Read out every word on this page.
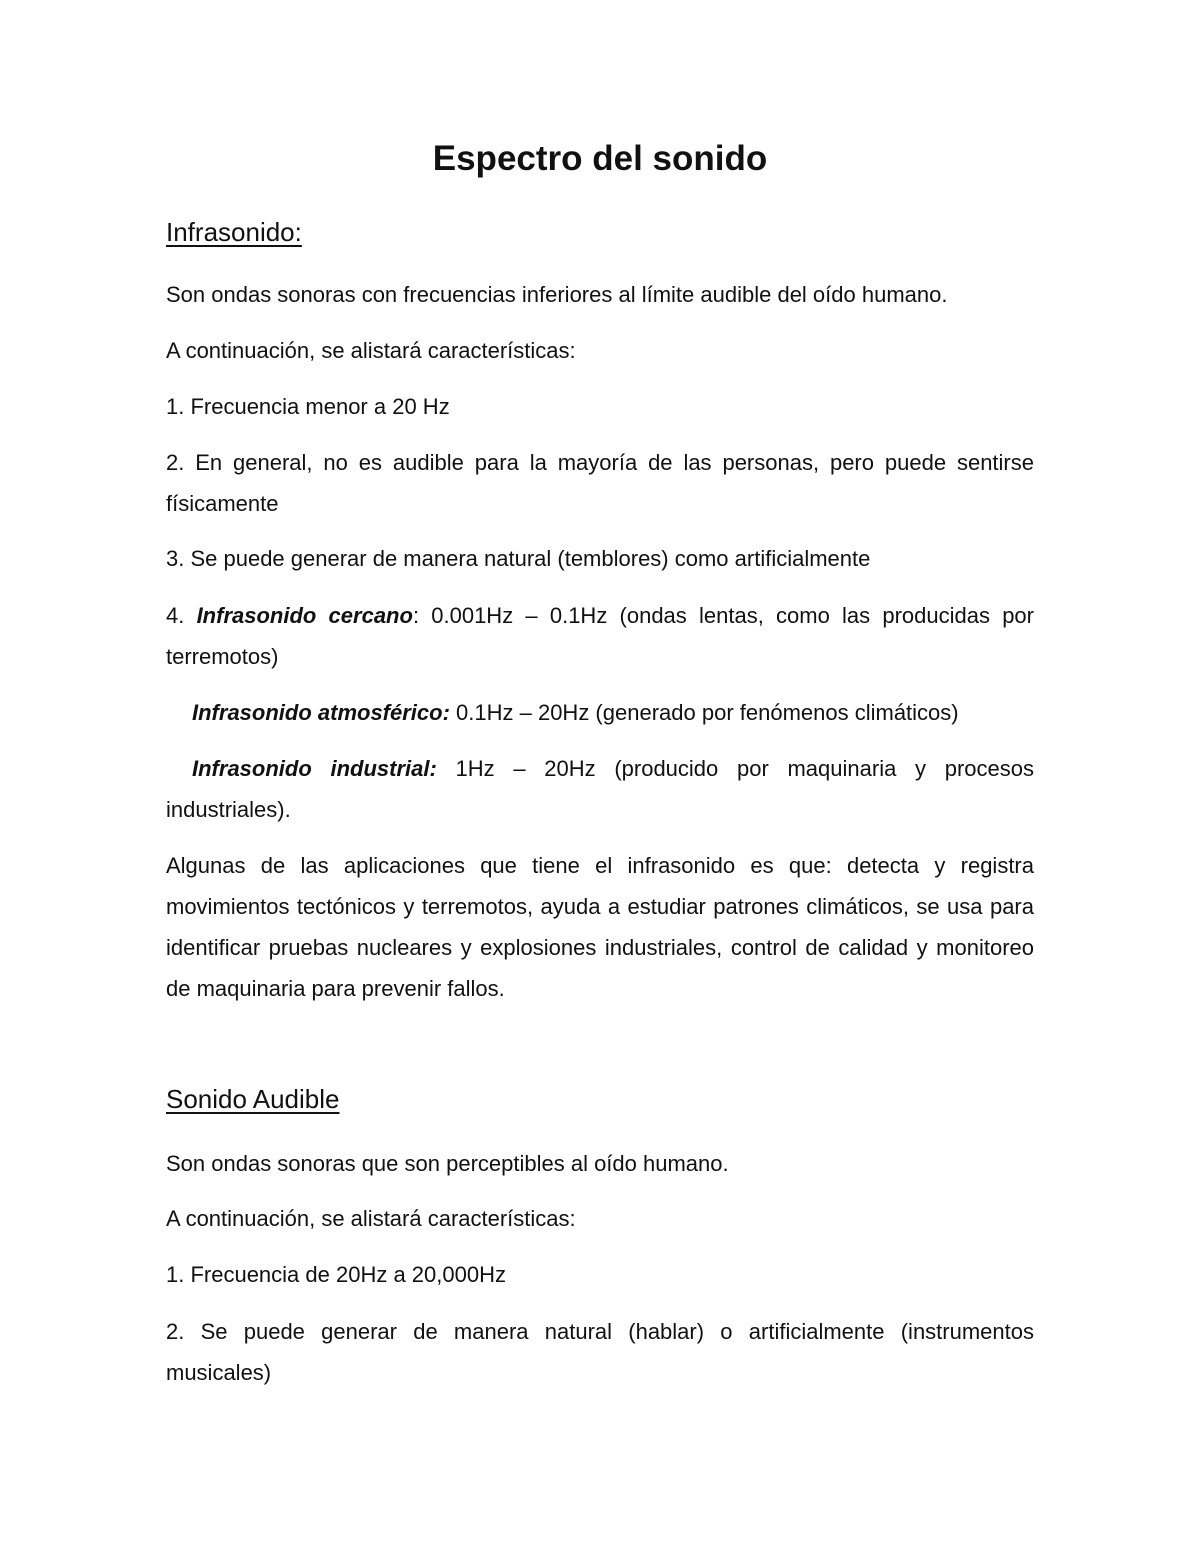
Espectro del sonido
Infrasonido:

Son ondas sonoras con frecuencias inferiores al límite audible del oído humano.

A continuación, se alistará características:

1. Frecuencia menor a 20 Hz

2. En general, no es audible para la mayoría de las personas, pero puede sentirse físicamente

3. Se puede generar de manera natural (temblores) como artificialmente

4. Infrasonido cercano: 0.001Hz – 0.1Hz (ondas lentas, como las producidas por terremotos)

Infrasonido atmosférico: 0.1Hz – 20Hz (generado por fenómenos climáticos)

Infrasonido industrial: 1Hz – 20Hz (producido por maquinaria y procesos industriales).

Algunas de las aplicaciones que tiene el infrasonido es que: detecta y registra movimientos tectónicos y terremotos, ayuda a estudiar patrones climáticos, se usa para identificar pruebas nucleares y explosiones industriales, control de calidad y monitoreo de maquinaria para prevenir fallos.

Sonido Audible

Son ondas sonoras que son perceptibles al oído humano.

A continuación, se alistará características:

1. Frecuencia de 20Hz a 20,000Hz

2. Se puede generar de manera natural (hablar) o artificialmente (instrumentos musicales)
